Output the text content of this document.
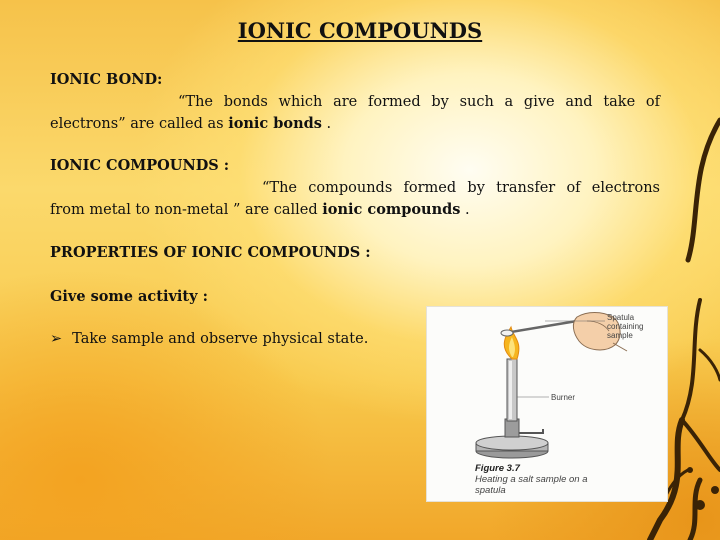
IONIC COMPOUNDS
IONIC BOND:
“The bonds which are formed by such a give and take of
electrons” are called as ionic bonds .
IONIC COMPOUNDS :
“The compounds formed by transfer of electrons
from metal to non-metal ” are called ionic compounds .
PROPERTIES OF IONIC COMPOUNDS :
Give some activity :
➢ Take sample and observe physical state.
Spatula
containing
sample
Burner
Figure 3.7
Heating a salt sample on a
spatula
